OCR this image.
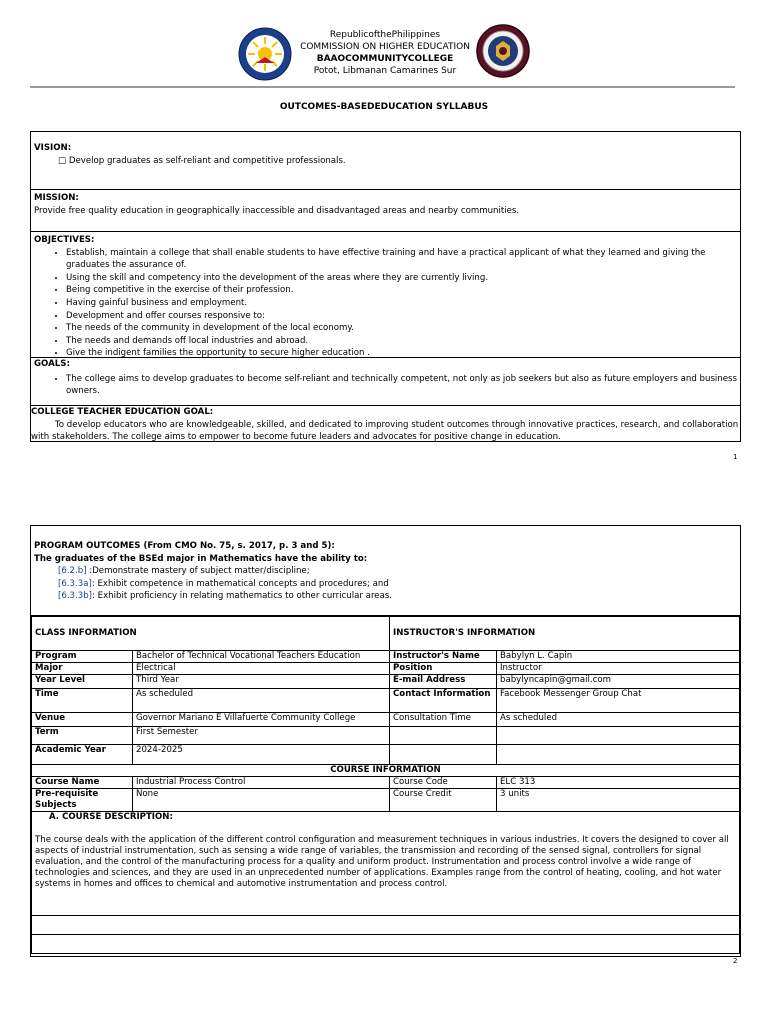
RepublicofthePhilippines
COMMISSION ON HIGHER EDUCATION
BAAOCOMMUNITYCOLLEGE
Potot, Libmanan Camarines Sur
OUTCOMES-BASEDEDUCATION SYLLABUS
VISION:
□ Develop graduates as self-reliant and competitive professionals.
MISSION:
Provide free quality education in geographically inaccessible and disadvantaged areas and nearby communities.
OBJECTIVES:
• Establish, maintain a college that shall enable students to have effective training and have a practical applicant of what they learned and giving the graduates the assurance of.
• Using the skill and competency into the development of the areas where they are currently living.
• Being competitive in the exercise of their profession.
• Having gainful business and employment.
• Development and offer courses responsive to:
• The needs of the community in development of the local economy.
• The needs and demands off local industries and abroad.
• Give the indigent families the opportunity to secure higher education .
GOALS:
• The college aims to develop graduates to become self-reliant and technically competent, not only as job seekers but also as future employers and business owners.
COLLEGE TEACHER EDUCATION GOAL:
To develop educators who are knowledgeable, skilled, and dedicated to improving student outcomes through innovative practices, research, and collaboration with stakeholders. The college aims to empower to become future leaders and advocates for positive change in education.
1
PROGRAM OUTCOMES (From CMO No. 75, s. 2017, p. 3 and 5):
The graduates of the BSEd major in Mathematics have the ability to:
[6.2.b] :Demonstrate mastery of subject matter/discipline;
[6.3.3a]: Exhibit competence in mathematical concepts and procedures; and
[6.3.3b]: Exhibit proficiency in relating mathematics to other curricular areas.
CLASS INFORMATION		INSTRUCTOR'S INFORMATION	
Program	Bachelor of Technical Vocational Teachers Education	Instructor's Name	Babylyn L. Capin
Major	Electrical	Position	Instructor
Year Level	Third Year	E-mail Address	babylyncapin@gmail.com
Time	As scheduled	Contact Information	Facebook Messenger Group Chat
Venue	Governor Mariano E Villafuerte Community College	Consultation Time	As scheduled
Term	First Semester		
Academic Year	2024-2025		
COURSE INFORMATION			
Course Name	Industrial Process Control	Course Code	ELC 313
Pre-requisite Subjects	None	Course Credit	3 units

A. COURSE DESCRIPTION:
The course deals with the application of the different control configuration and measurement techniques in various industries. It covers the designed to cover all aspects of industrial instrumentation, such as sensing a wide range of variables, the transmission and recording of the sensed signal, controllers for signal evaluation, and the control of the manufacturing process for a quality and uniform product. Instrumentation and process control involve a wide range of technologies and sciences, and they are used in an unprecedented number of applications. Examples range from the control of heating, cooling, and hot water systems in homes and offices to chemical and automotive instrumentation and process control.			

2
